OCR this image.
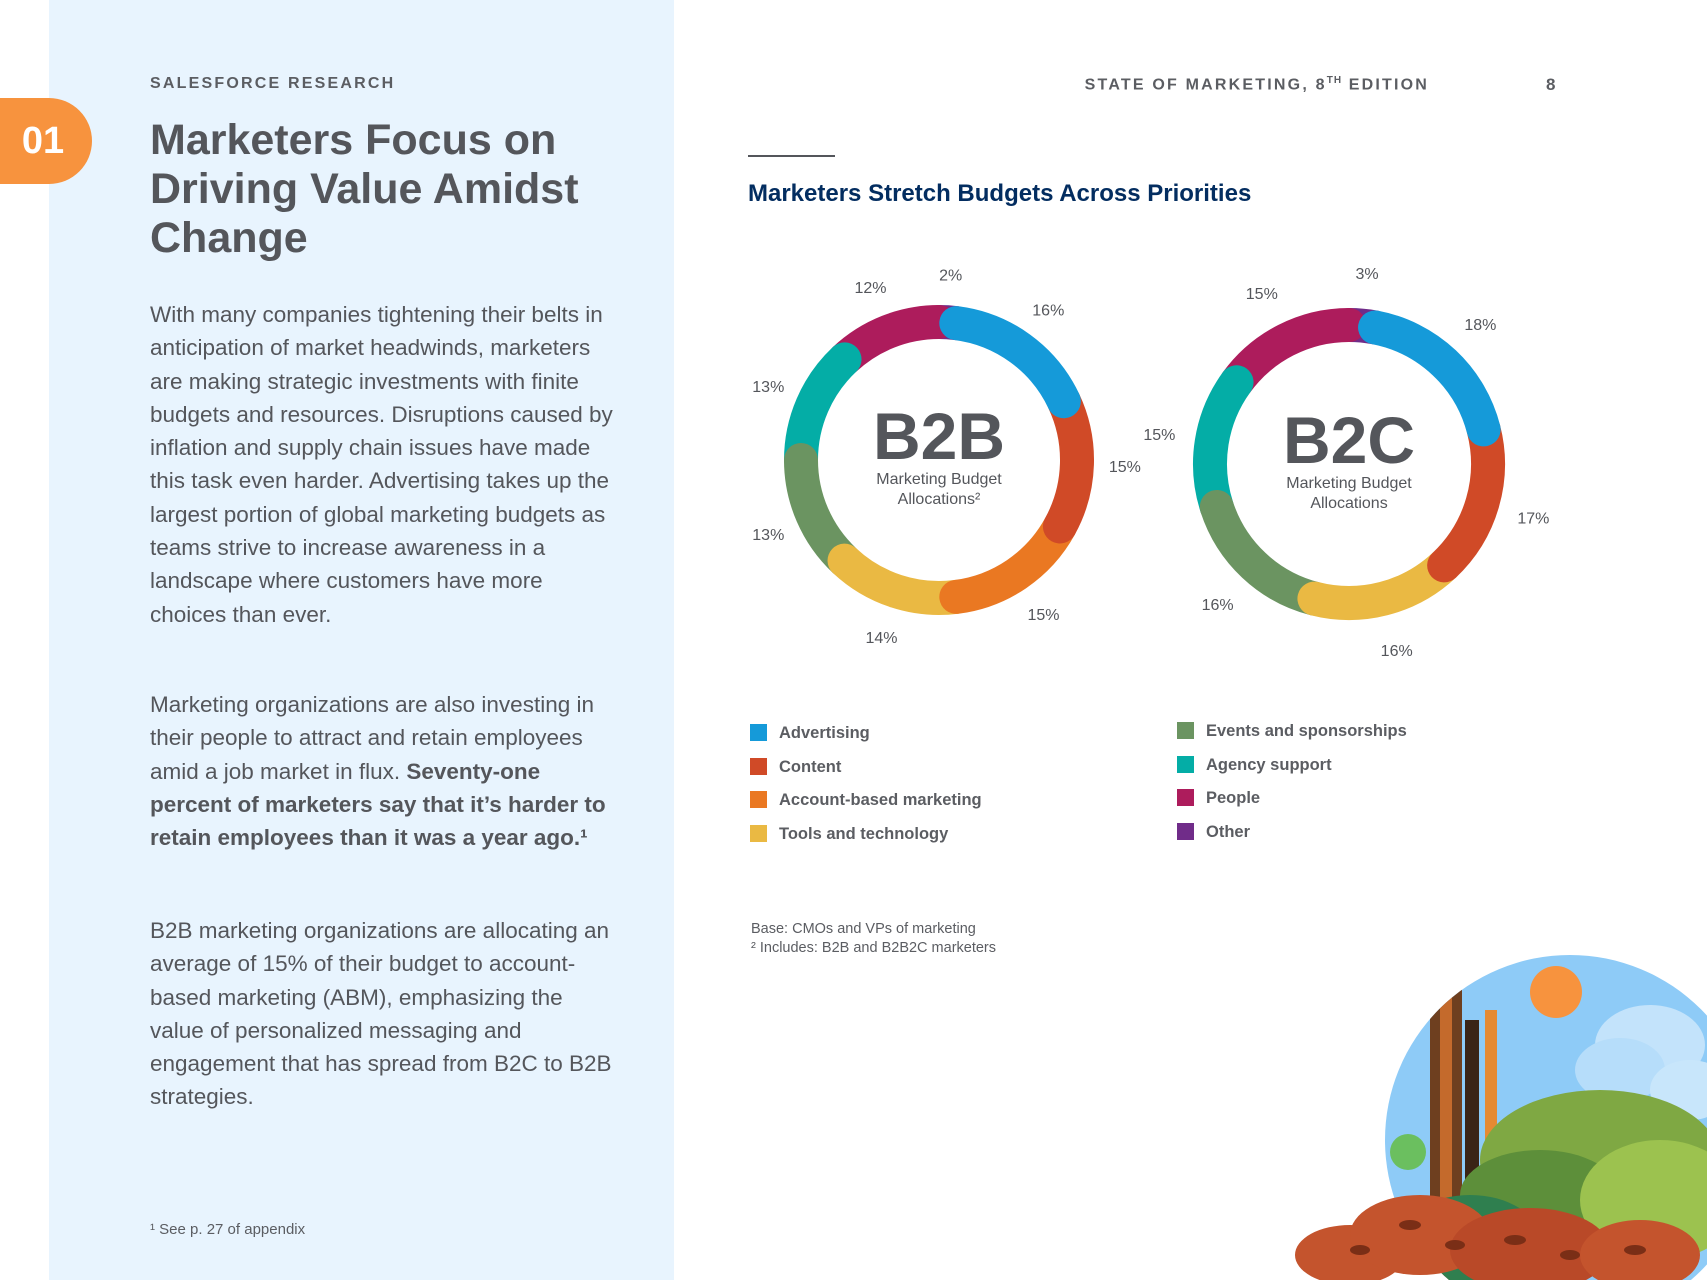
01
SALESFORCE RESEARCH	STATE OF MARKETING, 8TH EDITION	8
Marketers Focus on Driving Value Amidst Change

With many companies tightening their belts in anticipation of market headwinds, marketers are making strategic investments with finite budgets and resources. Disruptions caused by inflation and supply chain issues have made this task even harder. Advertising takes up the largest portion of global marketing budgets as teams strive to increase awareness in a landscape where customers have more choices than ever.

Marketing organizations are also investing in their people to attract and retain employees amid a job market in flux. Seventy-one percent of marketers say that it’s harder to retain employees than it was a year ago.¹

B2B marketing organizations are allocating an average of 15% of their budget to account-based marketing (ABM), emphasizing the value of personalized messaging and engagement that has spread from B2C to B2B strategies.

¹ See p. 27 of appendix

Marketers Stretch Budgets Across Priorities
16%
15%
15%
14%
13%
13%
12%
2%
18%
17%
16%
16%
15%
15%
3%
B2B
Marketing Budget
Allocations²
B2C
Marketing Budget
Allocations
Advertising
Content
Account-based marketing
Tools and technology
Events and sponsorships
Agency support
People
Other

Base: CMOs and VPs of marketing

² Includes: B2B and B2B2C marketers
